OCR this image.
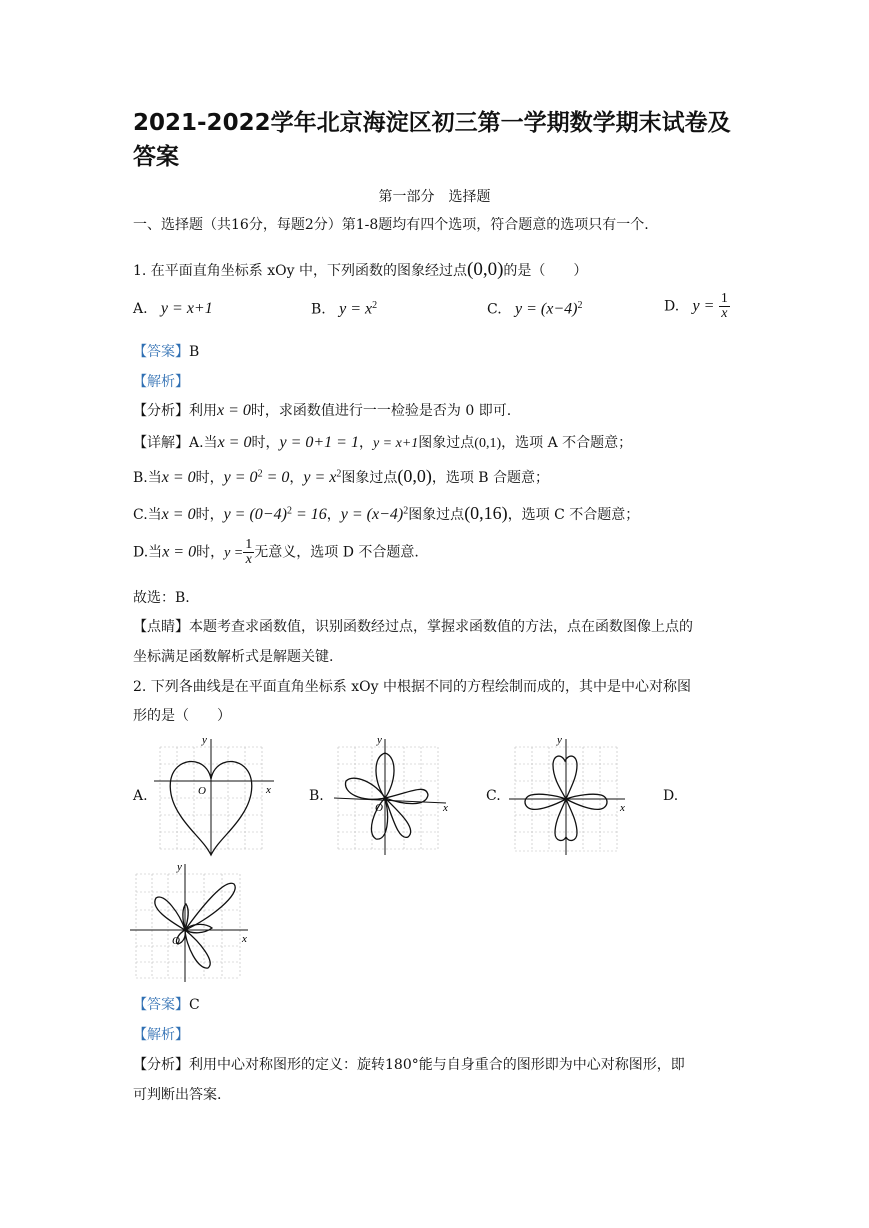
2021-2022学年北京海淀区初三第一学期数学期末试卷及答案
第一部分　选择题
一、选择题（共16分，每题2分）第1-8题均有四个选项，符合题意的选项只有一个.
1. 在平面直角坐标系 xOy 中，下列函数的图象经过点(0,0)的是（　　）
A. y = x+1	B. $y = x^2$	C. $y = (x-4)^2$	D. $y = \frac{1}{x}$
【答案】B
【解析】
【分析】利用x = 0时，求函数值进行一一检验是否为 0 即可.
【详解】A.当x = 0时，y = 0+1 = 1，y = x+1图象过点(0,1)，选项 A 不合题意；
B.当x = 0时，$y = 0^2 = 0$，$y = x^2$图象过点(0,0)，选项 B 合题意；
C.当x = 0时，$y = (0-4)^2 = 16$，$y = (x-4)^2$图象过点(0,16)，选项 C 不合题意；
D.当x = 0时，$y = \frac{1}{x}$ 无意义，选项 D 不合题意.
故选：B.
【点睛】本题考查求函数值，识别函数经过点，掌握求函数值的方法，点在函数图像上点的
坐标满足函数解析式是解题关键.
2. 下列各曲线是在平面直角坐标系 xOy 中根据不同的方程绘制而成的，其中是中心对称图
形的是（　　）
A.	B.	C.	D.
O	x
y
O	x
y
x
y
O	x
y
【答案】C
【解析】
【分析】利用中心对称图形的定义：旋转180°能与自身重合的图形即为中心对称图形，即
可判断出答案.
